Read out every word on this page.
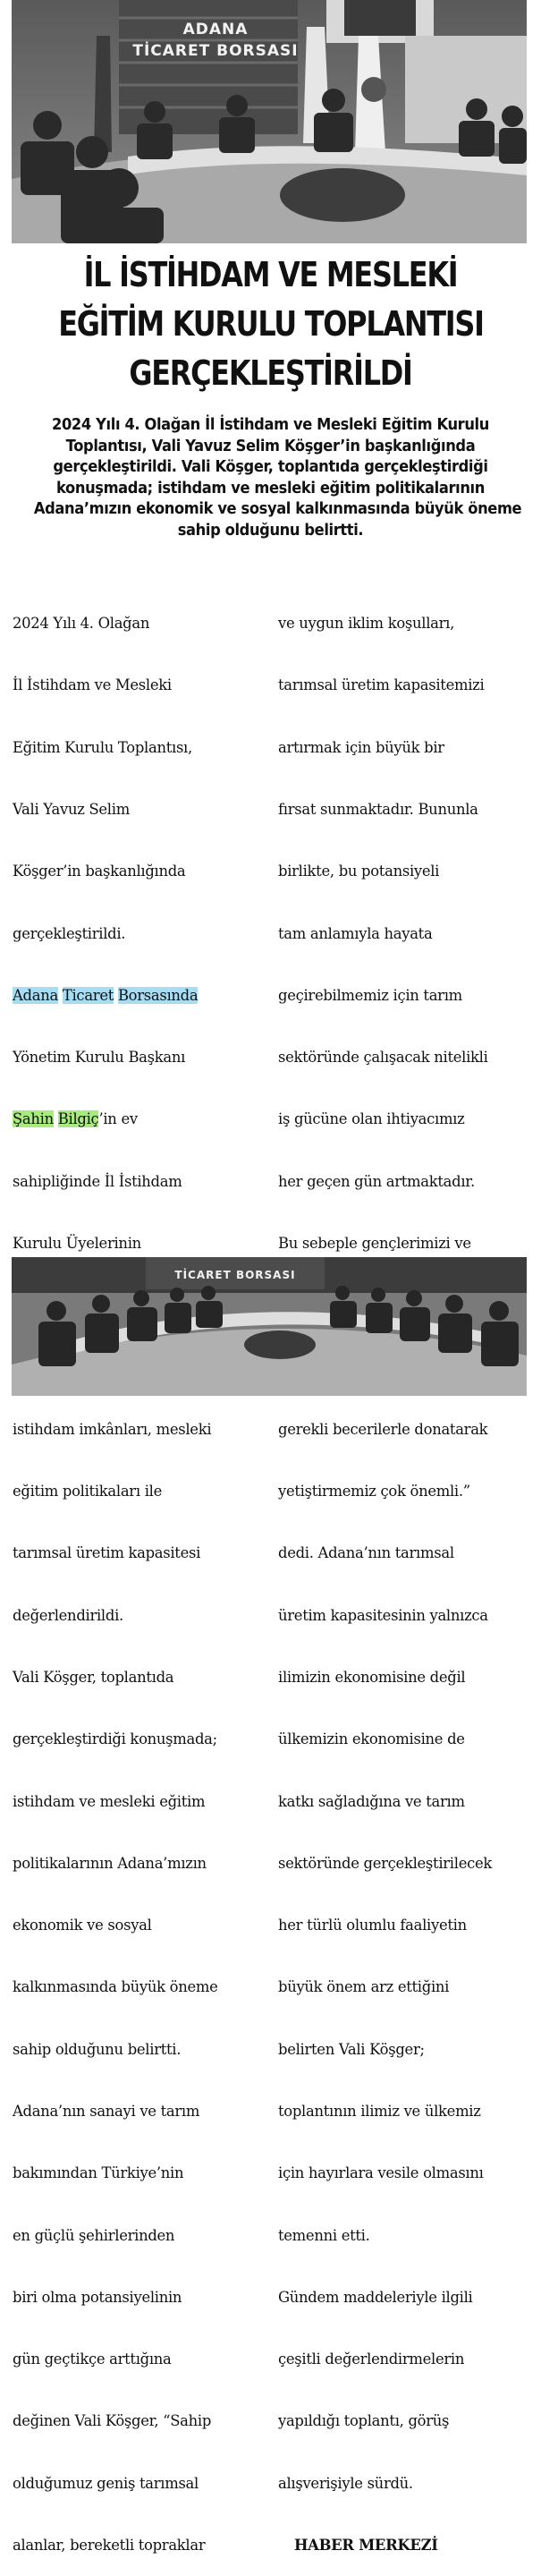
ADANA
TİCARET BORSASI
İL İSTİHDAM VE MESLEKİ
EĞİTİM KURULU TOPLANTISI
GERÇEKLEŞTİRİLDİ
2024 Yılı 4. Olağan İl İstihdam ve Mesleki Eğitim Kurulu
Toplantısı, Vali Yavuz Selim Köşger’in başkanlığında
gerçekleştirildi. Vali Köşger, toplantıda gerçekleştirdiği
konuşmada; istihdam ve mesleki eğitim politikalarının
Adana’mızın ekonomik ve sosyal kalkınmasında büyük öneme
sahip olduğunu belirtti.

2024 Yılı 4. Olağan

İl İstihdam ve Mesleki

Eğitim Kurulu Toplantısı,

Vali Yavuz Selim

Köşger’in başkanlığında

gerçekleştirildi.

Adana Ticaret Borsasında

Yönetim Kurulu Başkanı

Şahin Bilgiç’in ev

sahipliğinde İl İstihdam

Kurulu Üyelerinin

istihdam imkânları, mesleki

eğitim politikaları ile

tarımsal üretim kapasitesi

değerlendirildi.

Vali Köşger, toplantıda

gerçekleştirdiği konuşmada;

istihdam ve mesleki eğitim

politikalarının Adana’mızın

ekonomik ve sosyal

kalkınmasında büyük öneme

sahip olduğunu belirtti.

Adana’nın sanayi ve tarım

bakımından Türkiye’nin

en güçlü şehirlerinden

biri olma potansiyelinin

gün geçtikçe arttığına

değinen Vali Köşger, “Sahip

olduğumuz geniş tarımsal

alanlar, bereketli topraklar

ve uygun iklim koşulları,

tarımsal üretim kapasitemizi

artırmak için büyük bir

fırsat sunmaktadır. Bununla

birlikte, bu potansiyeli

tam anlamıyla hayata

geçirebilmemiz için tarım

sektöründe çalışacak nitelikli

iş gücüne olan ihtiyacımız

her geçen gün artmaktadır.

Bu sebeple gençlerimizi ve

gerekli becerilerle donatarak

yetiştirmemiz çok önemli.”

dedi. Adana’nın tarımsal

üretim kapasitesinin yalnızca

ilimizin ekonomisine değil

ülkemizin ekonomisine de

katkı sağladığına ve tarım

sektöründe gerçekleştirilecek

her türlü olumlu faaliyetin

büyük önem arz ettiğini

belirten Vali Köşger;

toplantının ilimiz ve ülkemiz

için hayırlara vesile olmasını

temenni etti.

Gündem maddeleriyle ilgili

çeşitli değerlendirmelerin

yapıldığı toplantı, görüş

alışverişiyle sürdü.

HABER MERKEZİ

TİCARET BORSASI
